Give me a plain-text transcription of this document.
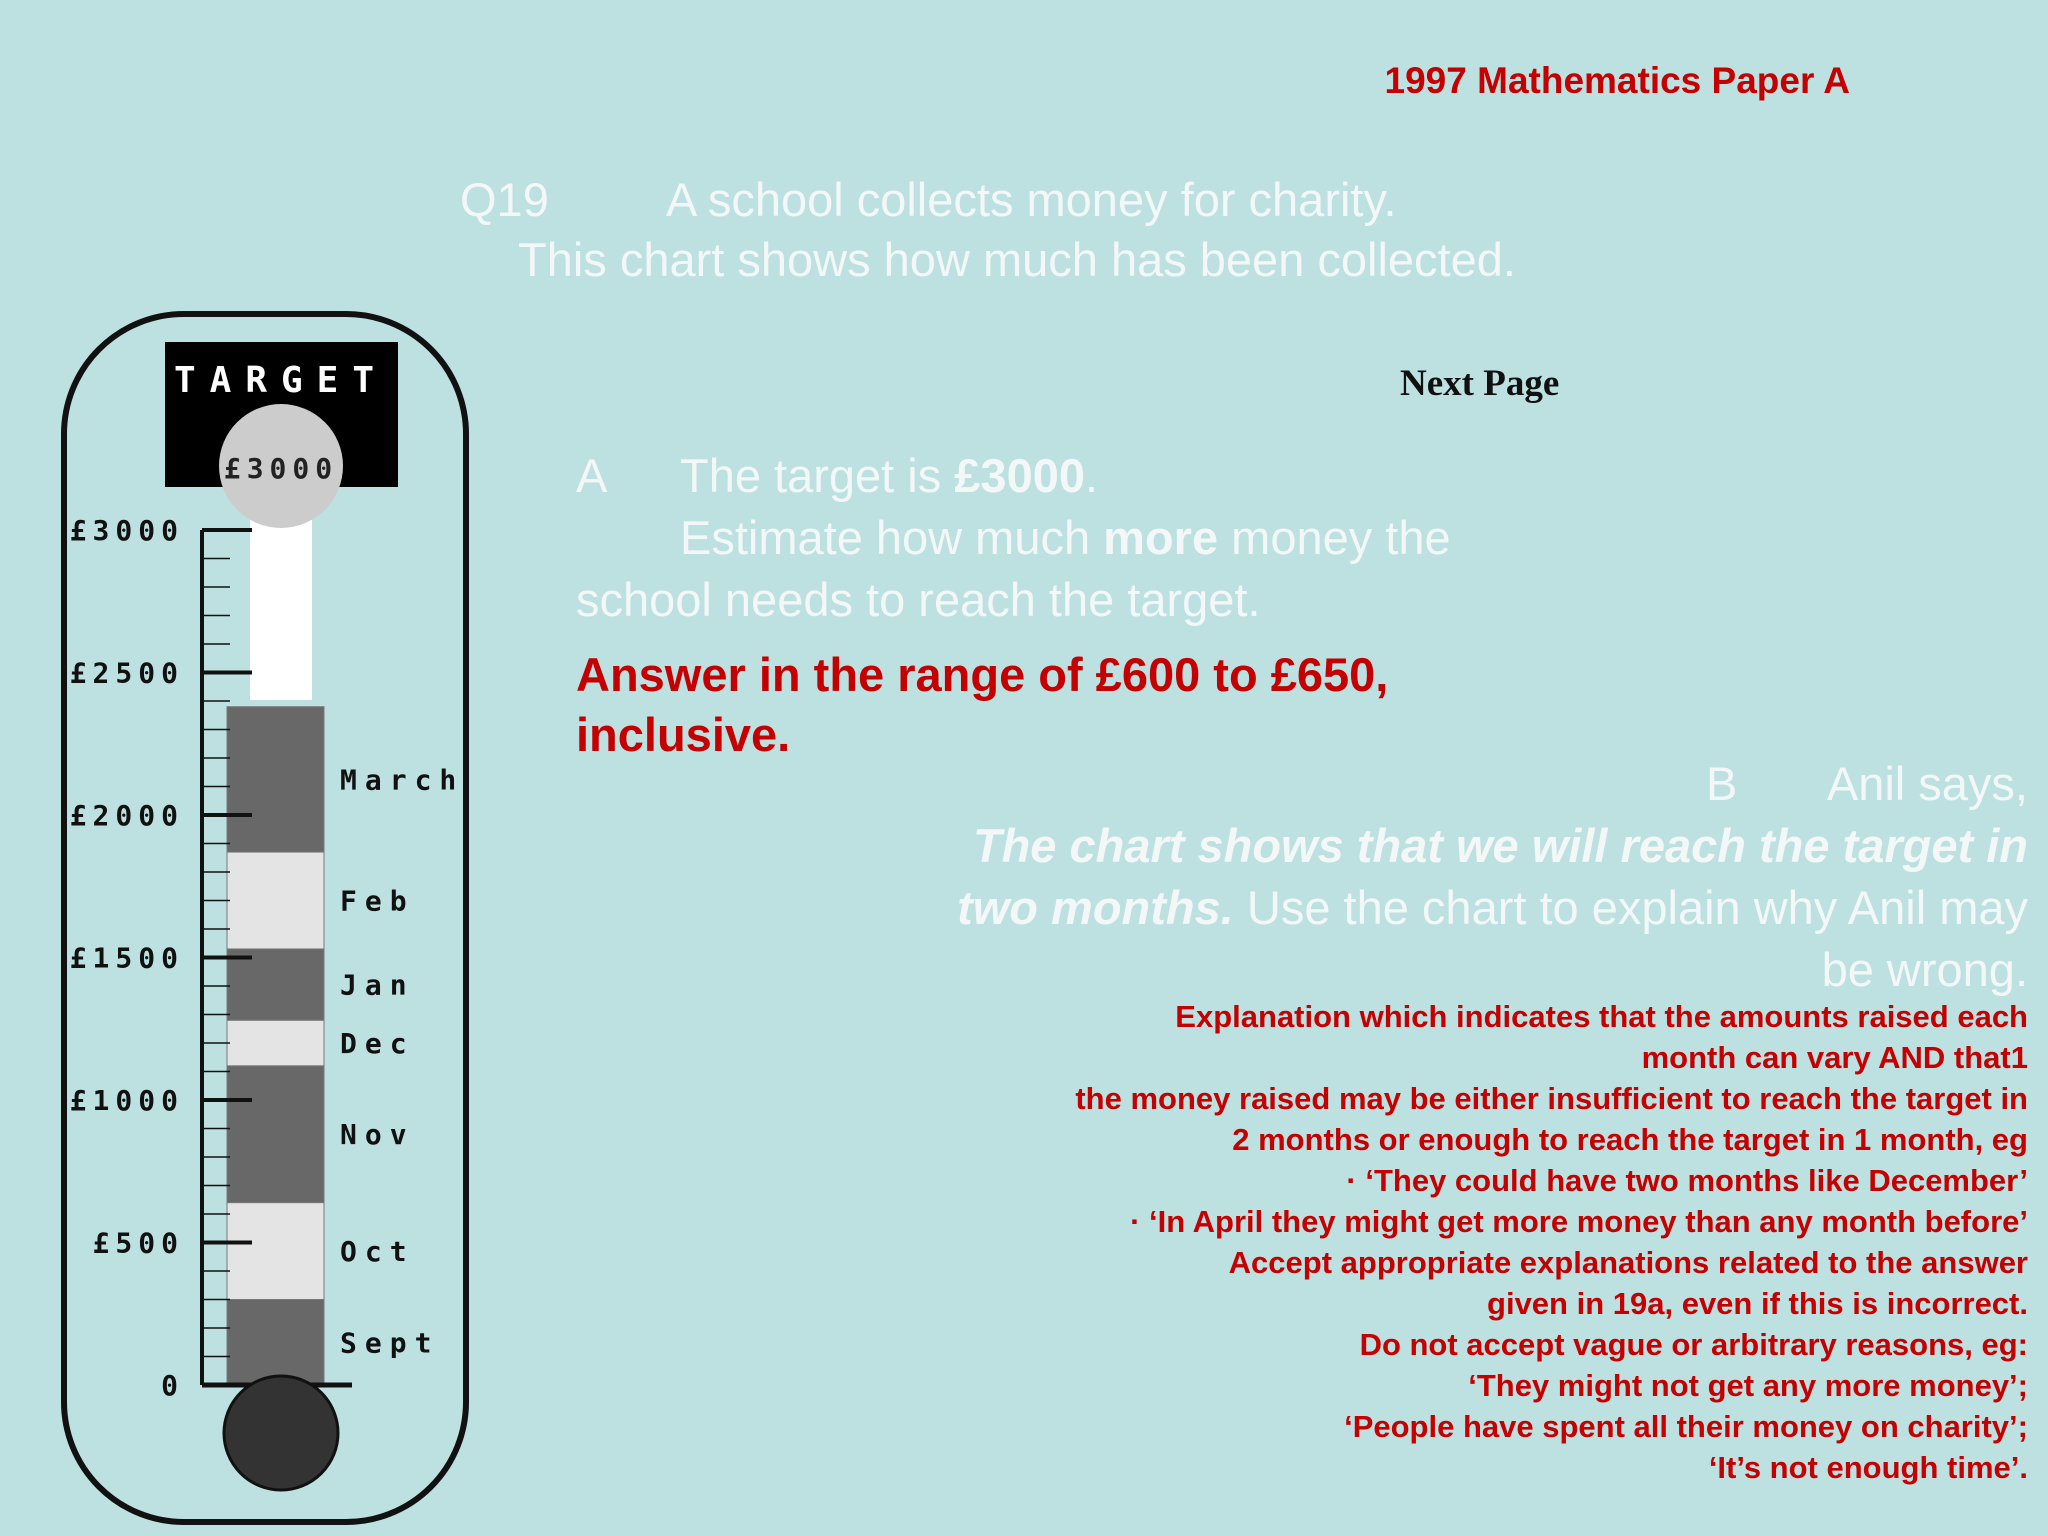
1997 Mathematics Paper A
Q19 A school collects money for charity.
This chart shows how much has been collected.
Next Page
A The target is £3000.
Estimate how much more money the
school needs to reach the target.
Answer in the range of £600 to £650,
inclusive.
B Anil says,
The chart shows that we will reach the target in
two months. Use the chart to explain why Anil may
be wrong.
Explanation which indicates that the amounts raised each
month can vary AND that1
the money raised may be either insufficient to reach the target in
2 months or enough to reach the target in 1 month, eg
· ‘They could have two months like December’
· ‘In April they might get more money than any month before’
Accept appropriate explanations related to the answer
given in 19a, even if this is incorrect.
Do not accept vague or arbitrary reasons, eg:
‘They might not get any more money’;
‘People have spent all their money on charity’;
‘It’s not enough time’.
TARGET
£3000
Sept
Oct
Nov
Dec
Jan
Feb
March
£3000
£2500
£2000
£1500
£1000
£500
0
